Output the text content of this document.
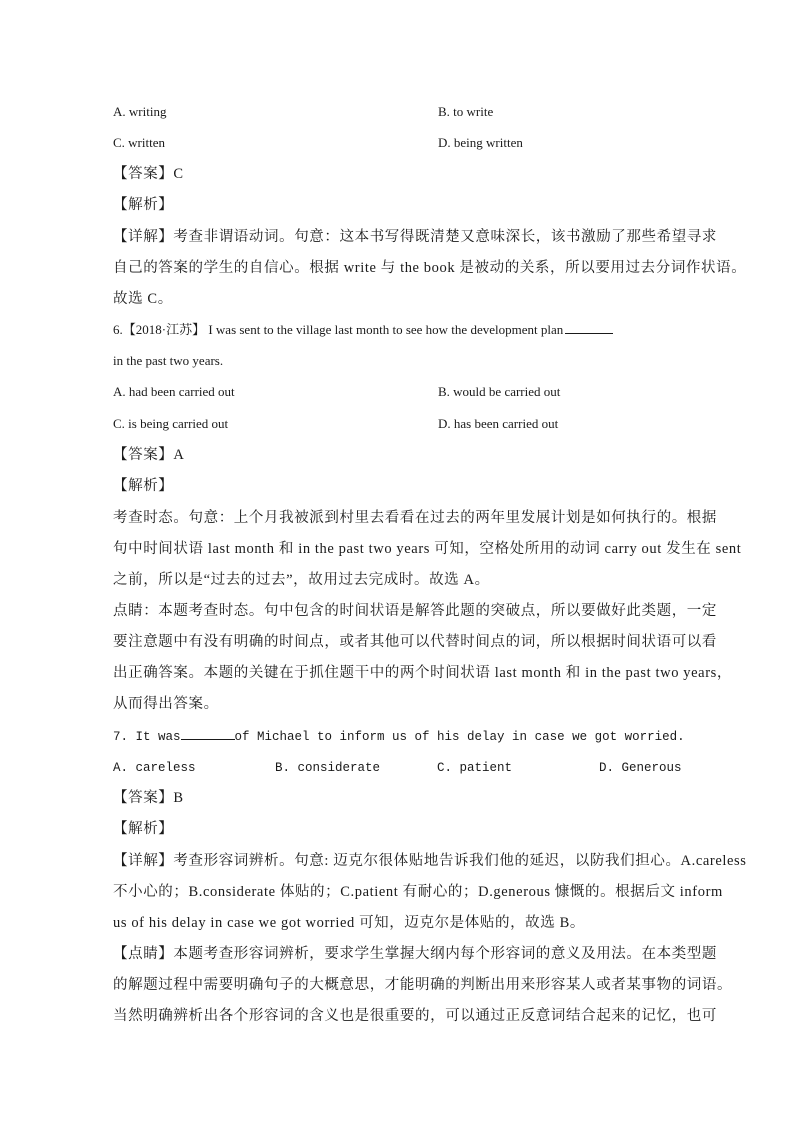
A. writing	B. to write
C. written	D. being written
【答案】C
【解析】
【详解】考查非谓语动词。句意：这本书写得既清楚又意味深长，该书激励了那些希望寻求
自己的答案的学生的自信心。根据 write 与 the book 是被动的关系，所以要用过去分词作状语。
故选 C。
6.【2018·江苏】 I was sent to the village last month to see how the development plan
in the past two years.
A. had been carried out	B. would be carried out
C. is being carried out	D. has been carried out
【答案】A
【解析】
考查时态。句意：上个月我被派到村里去看看在过去的两年里发展计划是如何执行的。根据
句中时间状语 last month 和 in the past two years 可知，空格处所用的动词 carry out 发生在 sent
之前，所以是“过去的过去”，故用过去完成时。故选 A。
点睛：本题考查时态。句中包含的时间状语是解答此题的突破点，所以要做好此类题，一定
要注意题中有没有明确的时间点，或者其他可以代替时间点的词，所以根据时间状语可以看
出正确答案。本题的关键在于抓住题干中的两个时间状语 last month 和 in the past two years，
从而得出答案。
7. It was	of Michael to inform us of his delay in case we got worried.
A. careless	B. considerate	C. patient	D. Generous
【答案】B
【解析】
【详解】考查形容词辨析。句意: 迈克尔很体贴地告诉我们他的延迟，以防我们担心。A.careless
不小心的；B.considerate 体贴的；C.patient 有耐心的；D.generous 慷慨的。根据后文 inform
us of his delay in case we got worried 可知，迈克尔是体贴的，故选 B。
【点睛】本题考查形容词辨析，要求学生掌握大纲内每个形容词的意义及用法。在本类型题
的解题过程中需要明确句子的大概意思，才能明确的判断出用来形容某人或者某事物的词语。
当然明确辨析出各个形容词的含义也是很重要的，可以通过正反意词结合起来的记忆，也可
